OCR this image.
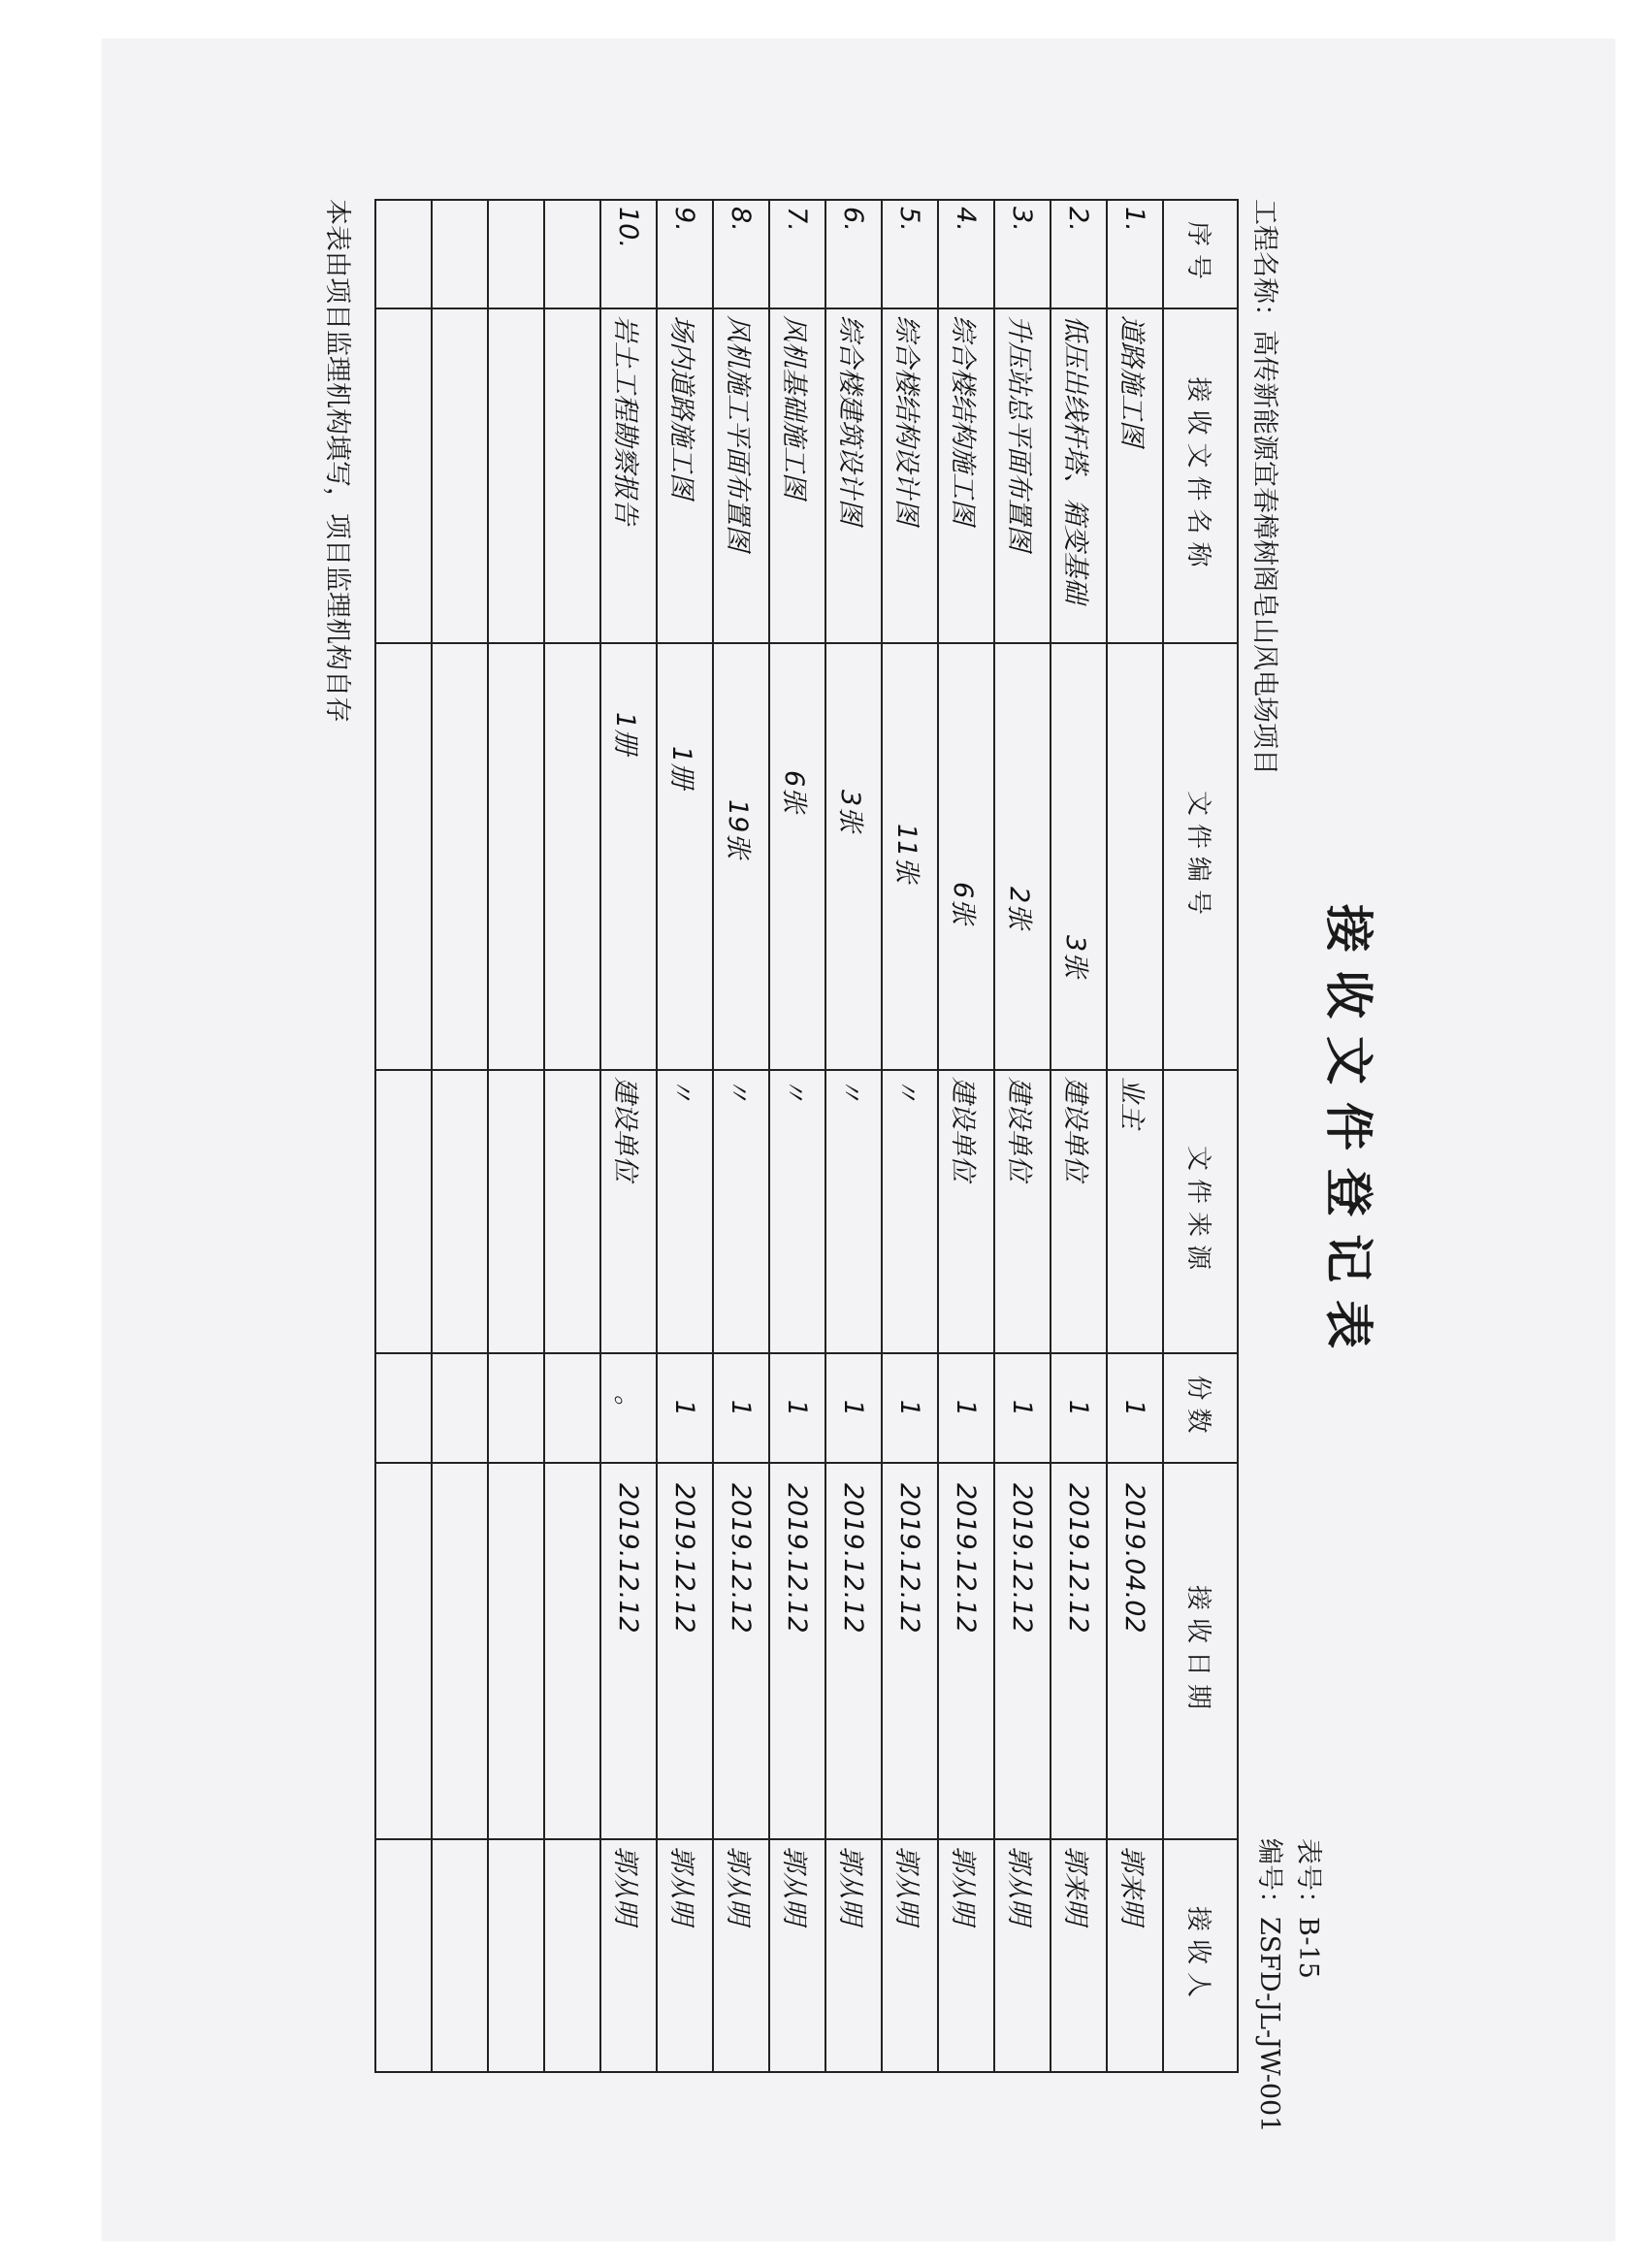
接收文件登记表
表号：B-15
编号：ZSFD-JL-JW-001
工程名称：高传新能源宜春樟树阁皂山风电场项目
序号	接收文件名称	文件编号	文件来源	份数	接收日期	接收人
1.	道路施工图		业主	1	2019.04.02	郭来明
2.	低压出线杆塔、箱变基础	3张	建设单位	1	2019.12.12	郭来明
3.	升压站总平面布置图	2张	建设单位	1	2019.12.12	郭从明
4.	综合楼结构施工图	6张	建设单位	1	2019.12.12	郭从明
5.	综合楼结构设计图	11张	〃	1	2019.12.12	郭从明
6.	综合楼建筑设计图	3张	〃	1	2019.12.12	郭从明
7.	风机基础施工图	6张	〃	1	2019.12.12	郭从明
8.	风机施工平面布置图	19张	〃	1	2019.12.12	郭从明
9.	场内道路施工图	1册	〃	1	2019.12.12	郭从明
10.	岩土工程勘察报告	1册	建设单位	。	2019.12.12	郭从明

本表由项目监理机构填写，项目监理机构自存
